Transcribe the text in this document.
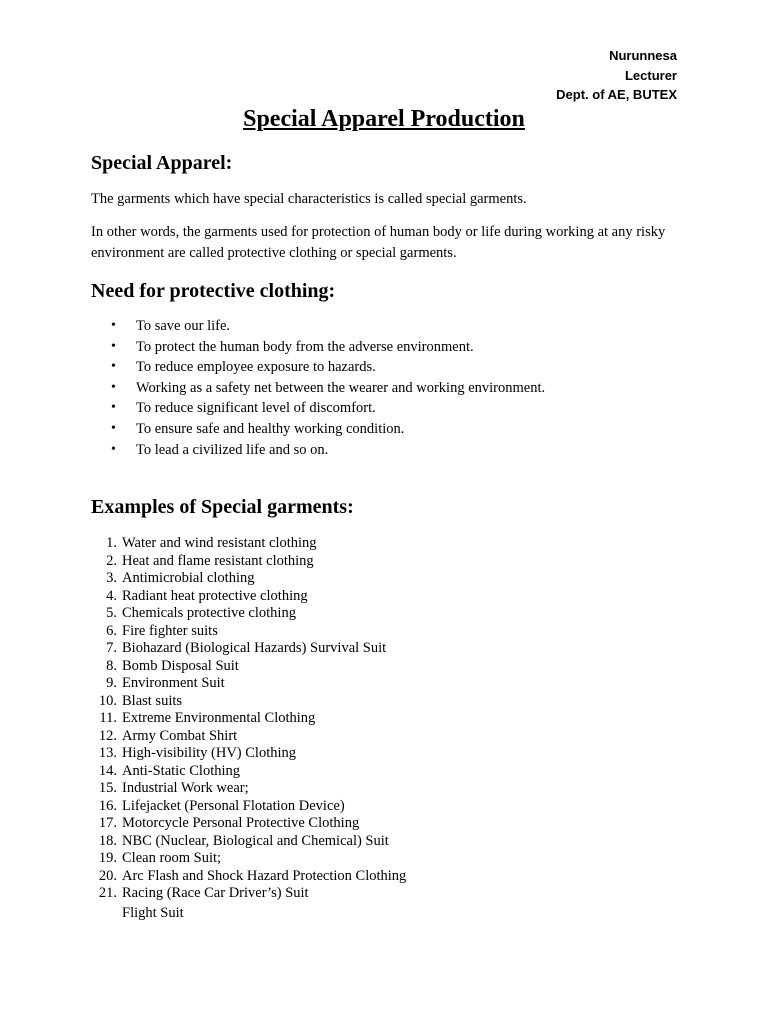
Nurunnesa
Lecturer
Dept. of AE, BUTEX
Special Apparel Production
Special Apparel:

The garments which have special characteristics is called special garments.

In other words, the garments used for protection of human body or life during working at any risky environment are called protective clothing or special garments.

Need for protective clothing:
• To save our life.
• To protect the human body from the adverse environment.
• To reduce employee exposure to hazards.
• Working as a safety net between the wearer and working environment.
• To reduce significant level of discomfort.
• To ensure safe and healthy working condition.
• To lead a civilized life and so on.
Examples of Special garments:
1. Water and wind resistant clothing
2. Heat and flame resistant clothing
3. Antimicrobial clothing
4. Radiant heat protective clothing
5. Chemicals protective clothing
6. Fire fighter suits
7. Biohazard (Biological Hazards) Survival Suit
8. Bomb Disposal Suit
9. Environment Suit
10. Blast suits
11. Extreme Environmental Clothing
12. Army Combat Shirt
13. High-visibility (HV) Clothing
14. Anti-Static Clothing
15. Industrial Work wear;
16. Lifejacket (Personal Flotation Device)
17. Motorcycle Personal Protective Clothing
18. NBC (Nuclear, Biological and Chemical) Suit
19. Clean room Suit;
20. Arc Flash and Shock Hazard Protection Clothing
21. Racing (Race Car Driver’s) Suit
Flight Suit
